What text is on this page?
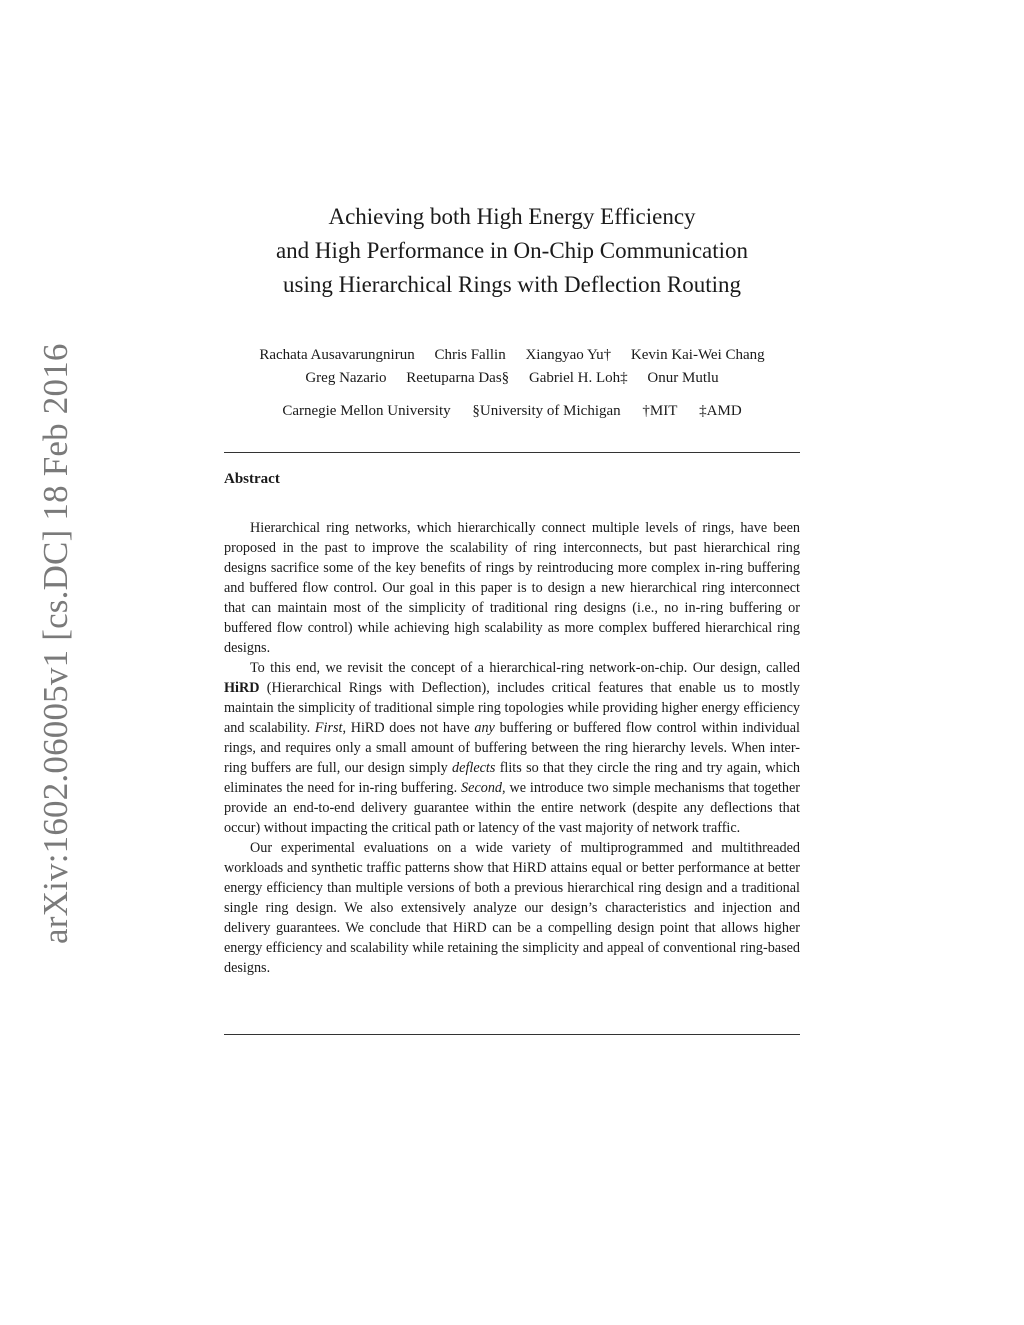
arXiv:1602.06005v1 [cs.DC] 18 Feb 2016
Achieving both High Energy Efficiency
and High Performance in On-Chip Communication
using Hierarchical Rings with Deflection Routing
Rachata Ausavarungnirun Chris Fallin Xiangyao Yu† Kevin Kai-Wei Chang
Greg Nazario Reetuparna Das§ Gabriel H. Loh‡ Onur Mutlu
Carnegie Mellon University §University of Michigan †MIT ‡AMD
Abstract

Hierarchical ring networks, which hierarchically connect multiple levels of rings, have been proposed in the past to improve the scalability of ring interconnects, but past hierarchical ring designs sacrifice some of the key benefits of rings by reintroducing more complex in-ring buffering and buffered flow control. Our goal in this paper is to design a new hierarchical ring interconnect that can maintain most of the simplicity of traditional ring designs (i.e., no in-ring buffering or buffered flow control) while achieving high scalability as more complex buffered hierarchical ring designs.

To this end, we revisit the concept of a hierarchical-ring network-on-chip. Our design, called HiRD (Hierarchical Rings with Deflection), includes critical features that enable us to mostly maintain the simplicity of traditional simple ring topologies while providing higher energy efficiency and scalability. First, HiRD does not have any buffering or buffered flow control within individual rings, and requires only a small amount of buffering between the ring hierarchy levels. When inter-ring buffers are full, our design simply deflects flits so that they circle the ring and try again, which eliminates the need for in-ring buffering. Second, we introduce two simple mechanisms that together provide an end-to-end delivery guarantee within the entire network (despite any deflections that occur) without impacting the critical path or latency of the vast majority of network traffic.

Our experimental evaluations on a wide variety of multiprogrammed and multithreaded workloads and synthetic traffic patterns show that HiRD attains equal or better performance at better energy efficiency than multiple versions of both a previous hierarchical ring design and a traditional single ring design. We also extensively analyze our design’s characteristics and injection and delivery guarantees. We conclude that HiRD can be a compelling design point that allows higher energy efficiency and scalability while retaining the simplicity and appeal of conventional ring-based designs.
